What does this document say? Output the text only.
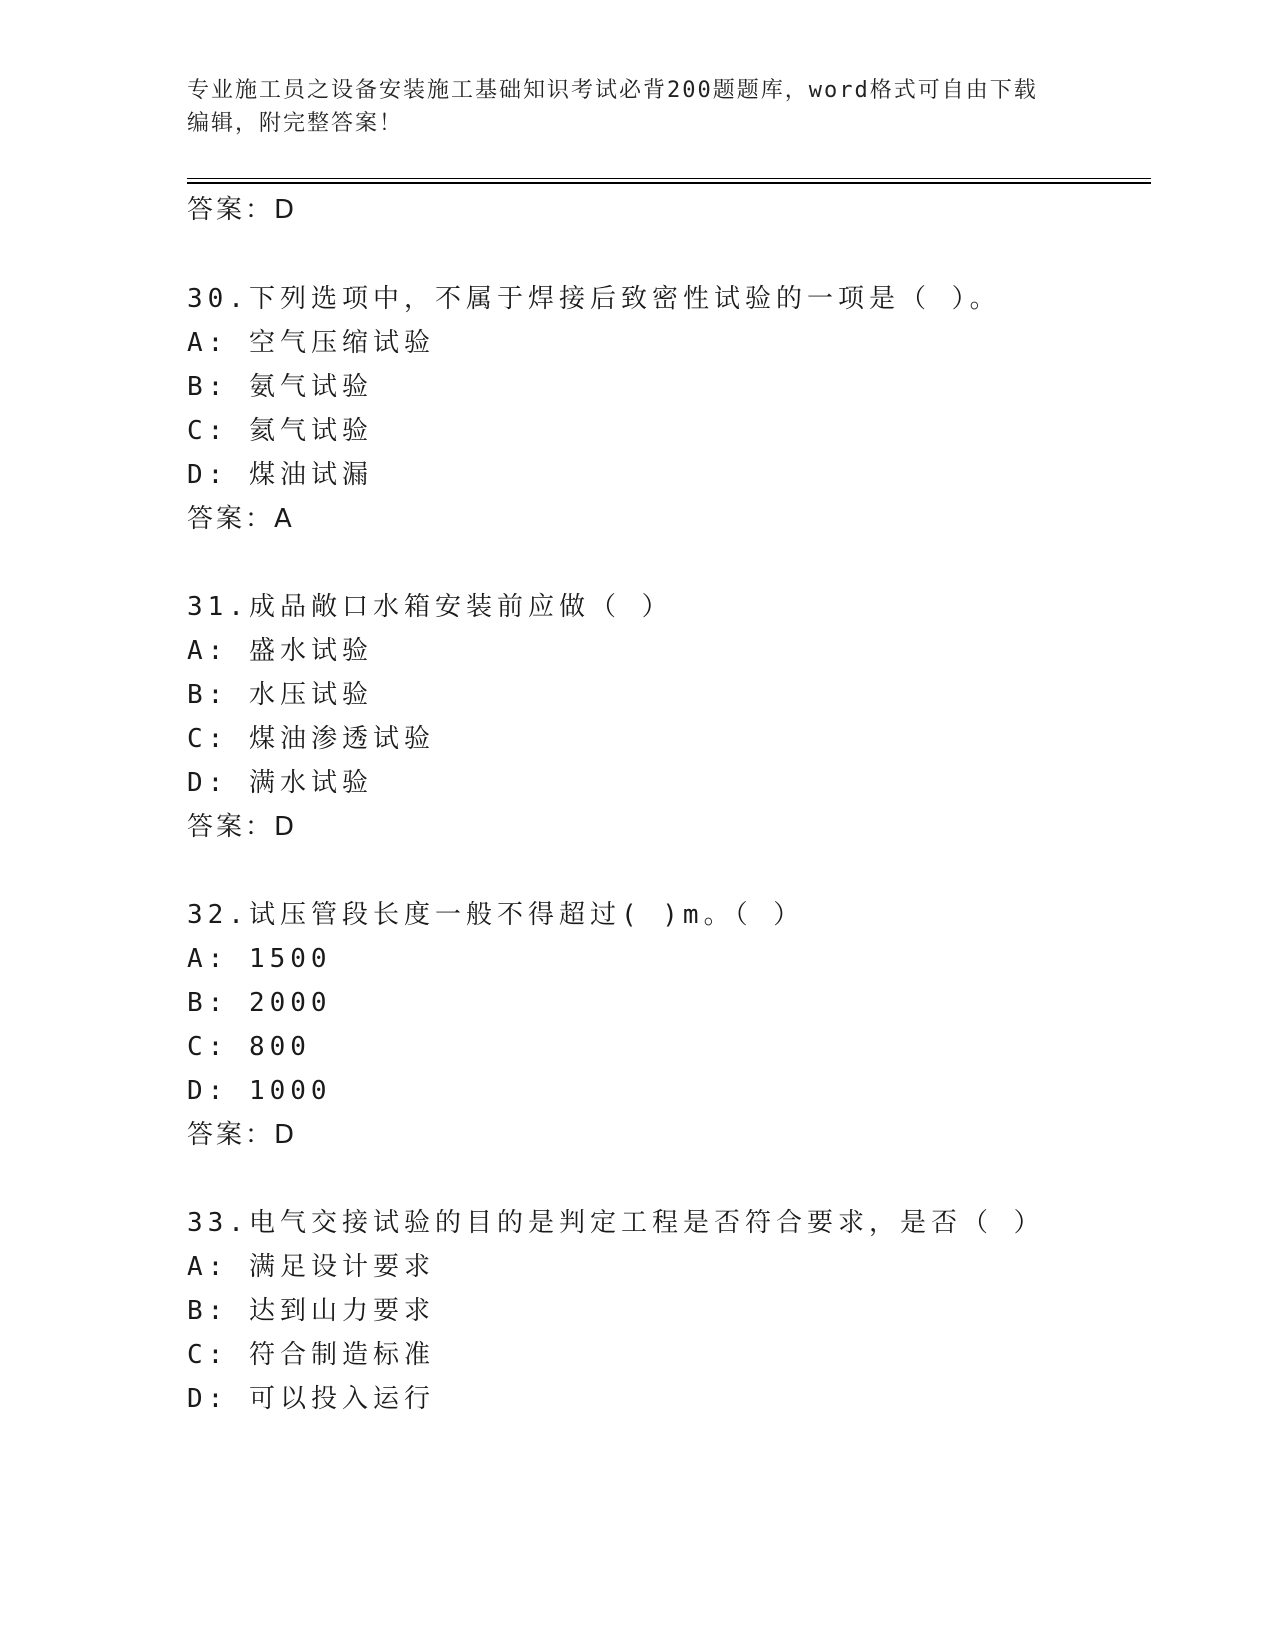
专业施工员之设备安装施工基础知识考试必背200题题库，word格式可自由下载
编辑，附完整答案！
答案：D
30.下列选项中，不属于焊接后致密性试验的一项是（ ）。
A: 空气压缩试验
B: 氨气试验
C: 氦气试验
D: 煤油试漏
答案：A
31.成品敞口水箱安装前应做（ ）
A: 盛水试验
B: 水压试验
C: 煤油渗透试验
D: 满水试验
答案：D
32.试压管段长度一般不得超过( )m。（ ）
A: 1500
B: 2000
C: 800
D: 1000
答案：D
33.电气交接试验的目的是判定工程是否符合要求，是否（ ）
A: 满足设计要求
B: 达到山力要求
C: 符合制造标准
D: 可以投入运行
